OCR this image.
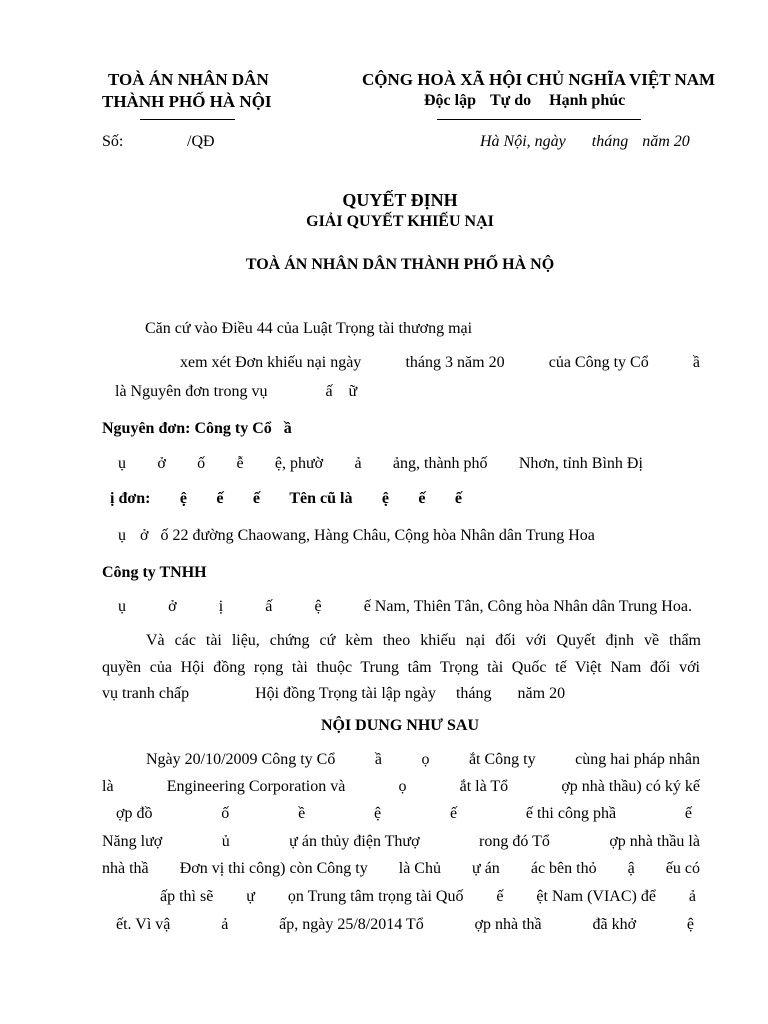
TOÀ ÁN NHÂN DÂN
THÀNH PHỐ HÀ NỘI
CỘNG HOÀ XÃ HỘI CHỦ NGHĨA VIỆT NAM
Độc lập Tự do Hạnh phúc
Số:	/QĐ	Hà Nội, ngày tháng năm 20
QUYẾT ĐỊNH
GIẢI QUYẾT KHIẾU NẠI
TOÀ ÁN NHÂN DÂN THÀNH PHỐ HÀ NỘ
Căn cứ vào Điều 44 của Luật Trọng tài thương mại
xem xét Đơn khiếu nại ngày	tháng 3 năm 20	của Công ty Cổ	ầ
là Nguyên đơn trong vụ	ấ ữ
Nguyên đơn: Công ty Cổ ầ
ụ ở ố ễ ệ, phườ ả ảng, thành phố Nhơn, tỉnh Bình Đị
ị đơn: ệ ế ế Tên cũ là ệ ế ế
ụ ở ố 22 đường Chaowang, Hàng Châu, Cộng hòa Nhân dân Trung Hoa
Công ty TNHH
ụ	ở	ị	ấ	ệ	ế Nam, Thiên Tân, Công hòa Nhân dân Trung Hoa.
Và các tài liệu, chứng cứ kèm theo khiếu nại đối với Quyết định về thẩm
quyền của Hội đồng rọng tài thuộc Trung tâm Trọng tài Quốc tế Việt Nam đối với
vụ tranh chấp	Hội đồng Trọng tài lập ngày tháng năm 20
NỘI DUNG NHƯ SAU
Ngày 20/10/2009 Công ty Cổ ầ ọ ắt Công ty cùng hai pháp nhân
là	Engineering Corporation và	ọ	ắt là Tổ	ợp nhà thầu) có ký kế
ợp đồ	ố	ề	ệ	ế	ế thi công phầ	ế
Năng lượ	ủ	ự án thủy điện Thượ	rong đó Tổ	ợp nhà thầu là
nhà thầ Đơn vị thi công) còn Công ty là Chủ ự án ác bên thỏ ậ ếu có
ấp thì sẽ ự ọn Trung tâm trọng tài Quố ế ệt Nam (VIAC) để ả
ết. Vì vậ	ả	ấp, ngày 25/8/2014 Tổ	ợp nhà thầ	đã khở	ệ
